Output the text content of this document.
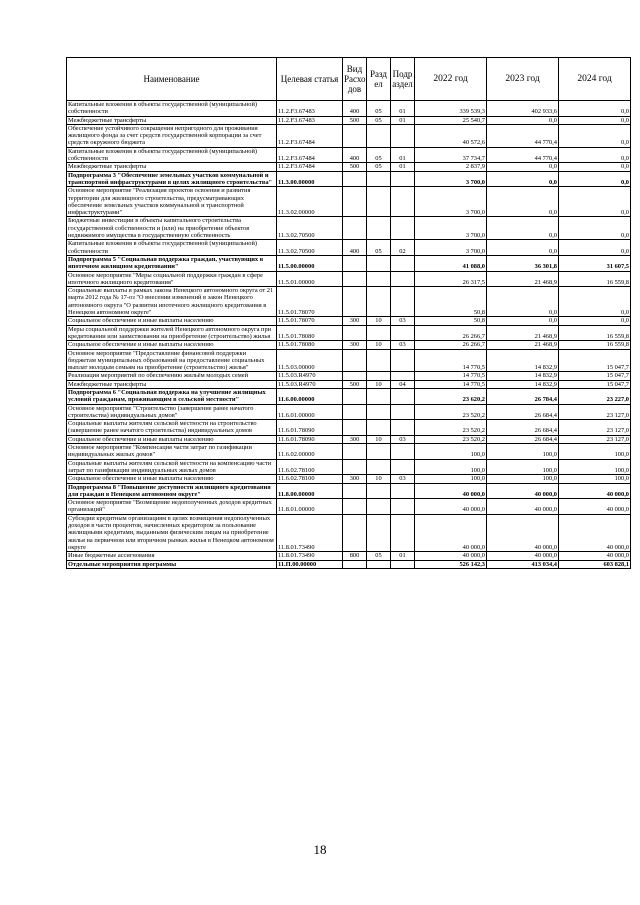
Наименование	Целевая статья	Вид Расхо дов	Разд ел	Подр аздел	2022 год	2023 год	2024 год
Капитальные вложения в объекты государственной (муниципальной) собственности	11.2.F3.67483	400	05	01	339 539,3	402 933,6	0,0
Межбюджетные трансферты	11.2.F3.67483	500	05	01	25 540,7	0,0	0,0
Обеспечение устойчивого сокращения непригодного для проживания жилищного фонда за счет средств государственной корпорации за счет средств окружного бюджета	11.2.F3.67484				40 572,6	44 770,4	0,0
Капитальные вложения в объекты государственной (муниципальной) собственности	11.2.F3.67484	400	05	01	37 734,7	44 770,4	0,0
Межбюджетные трансферты	11.2.F3.67484	500	05	01	2 837,9	0,0	0,0
Подпрограмма 3 "Обеспечение земельных участков коммунальной и транспортной инфраструктурами в целях жилищного строительства"	11.3.00.00000				3 700,0	0,0	0,0
Основное мероприятие "Реализация проектов освоения и развития территории для жилищного строительства, предусматривающих обеспечение земельных участков коммунальной и транспортной инфраструктурами"	11.3.02.00000				3 700,0	0,0	0,0
Бюджетные инвестиции в объекты капитального строительства государственной собственности и (или) на приобретение объектов недвижимого имущества в государственную собственность	11.3.02.70500				3 700,0	0,0	0,0
Капитальные вложения в объекты государственной (муниципальной) собственности	11.3.02.70500	400	05	02	3 700,0	0,0	0,0
Подпрограмма 5 "Социальная поддержка граждан, участвующих в ипотечном жилищном кредитовании"	11.5.00.00000				41 088,0	36 301,8	31 607,5
Основное мероприятие "Меры социальной поддержки граждан в сфере ипотечного жилищного кредитования"	11.5.01.00000				26 317,5	21 468,9	16 559,8
Социальные выплаты в рамках закона Ненецкого автономного округа от 21 марта 2012 года № 17-оз "О внесении изменений в закон Ненецкого автономного округа "О развитии ипотечного жилищного кредитования в Ненецком автономном округе"	11.5.01.78070				50,8	0,0	0,0
Социальное обеспечение и иные выплаты населению	11.5.01.78070	300	10	03	50,8	0,0	0,0
Меры социальной поддержки жителей Ненецкого автономного округа при кредитовании или заимствовании на приобретение (строительство) жилья	11.5.01.78080				26 266,7	21 468,9	16 559,8
Социальное обеспечение и иные выплаты населению	11.5.01.78080	300	10	03	26 266,7	21 468,9	16 559,8
Основное мероприятие "Предоставление финансовой поддержки бюджетам муниципальных образований на предоставление социальных выплат молодым семьям на приобретение (строительство) жилья"	11.5.03.00000				14 770,5	14 832,9	15 047,7
Реализация мероприятий по обеспечению жильём молодых семей	11.5.03.R4970				14 770,5	14 832,9	15 047,7
Межбюджетные трансферты	11.5.03.R4970	500	10	04	14 770,5	14 832,9	15 047,7
Подпрограмма 6 "Социальная поддержка на улучшение жилищных условий гражданам, проживающим в сельской местности"	11.6.00.00000				23 620,2	26 784,4	23 227,0
Основное мероприятие "Строительство (завершение ранее начатого строительства) индивидуальных домов"	11.6.01.00000				23 520,2	26 684,4	23 127,0
Социальные выплаты жителям сельской местности на строительство (завершение ранее начатого строительства) индивидуальных домов	11.6.01.78090				23 520,2	26 684,4	23 127,0
Социальное обеспечение и иные выплаты населению	11.6.01.78090	300	10	03	23 520,2	26 684,4	23 127,0
Основное мероприятие "Компенсация части затрат по газификации индивидуальных жилых домов"	11.6.02.00000				100,0	100,0	100,0
Социальные выплаты жителям сельской местности на компенсацию части затрат по газификации индивидуальных жилых домов	11.6.02.78100				100,0	100,0	100,0
Социальное обеспечение и иные выплаты населению	11.6.02.78100	300	10	03	100,0	100,0	100,0
Подпрограмма 8 "Повышение доступности жилищного кредитования для граждан в Ненецком автономном округе"	11.8.00.00000				40 000,0	40 000,0	40 000,0
Основное мероприятие "Возмещение недополученных доходов кредитных организаций"	11.8.01.00000				40 000,0	40 000,0	40 000,0
Субсидии кредитным организациям в целях возмещения недополученных доходов в части процентов, начисленных кредитором за пользование жилищными кредитами, выданными физическим лицам на приобретение жилья на первичном или вторичном рынках жилья в Ненецком автономном округе	11.8.01.73490				40 000,0	40 000,0	40 000,0
Иные бюджетные ассигнования	11.8.01.73490	800	05	01	40 000,0	40 000,0	40 000,0
Отдельные мероприятия программы	11.П.00.00000				526 142,3	413 034,4	603 828,1
18
